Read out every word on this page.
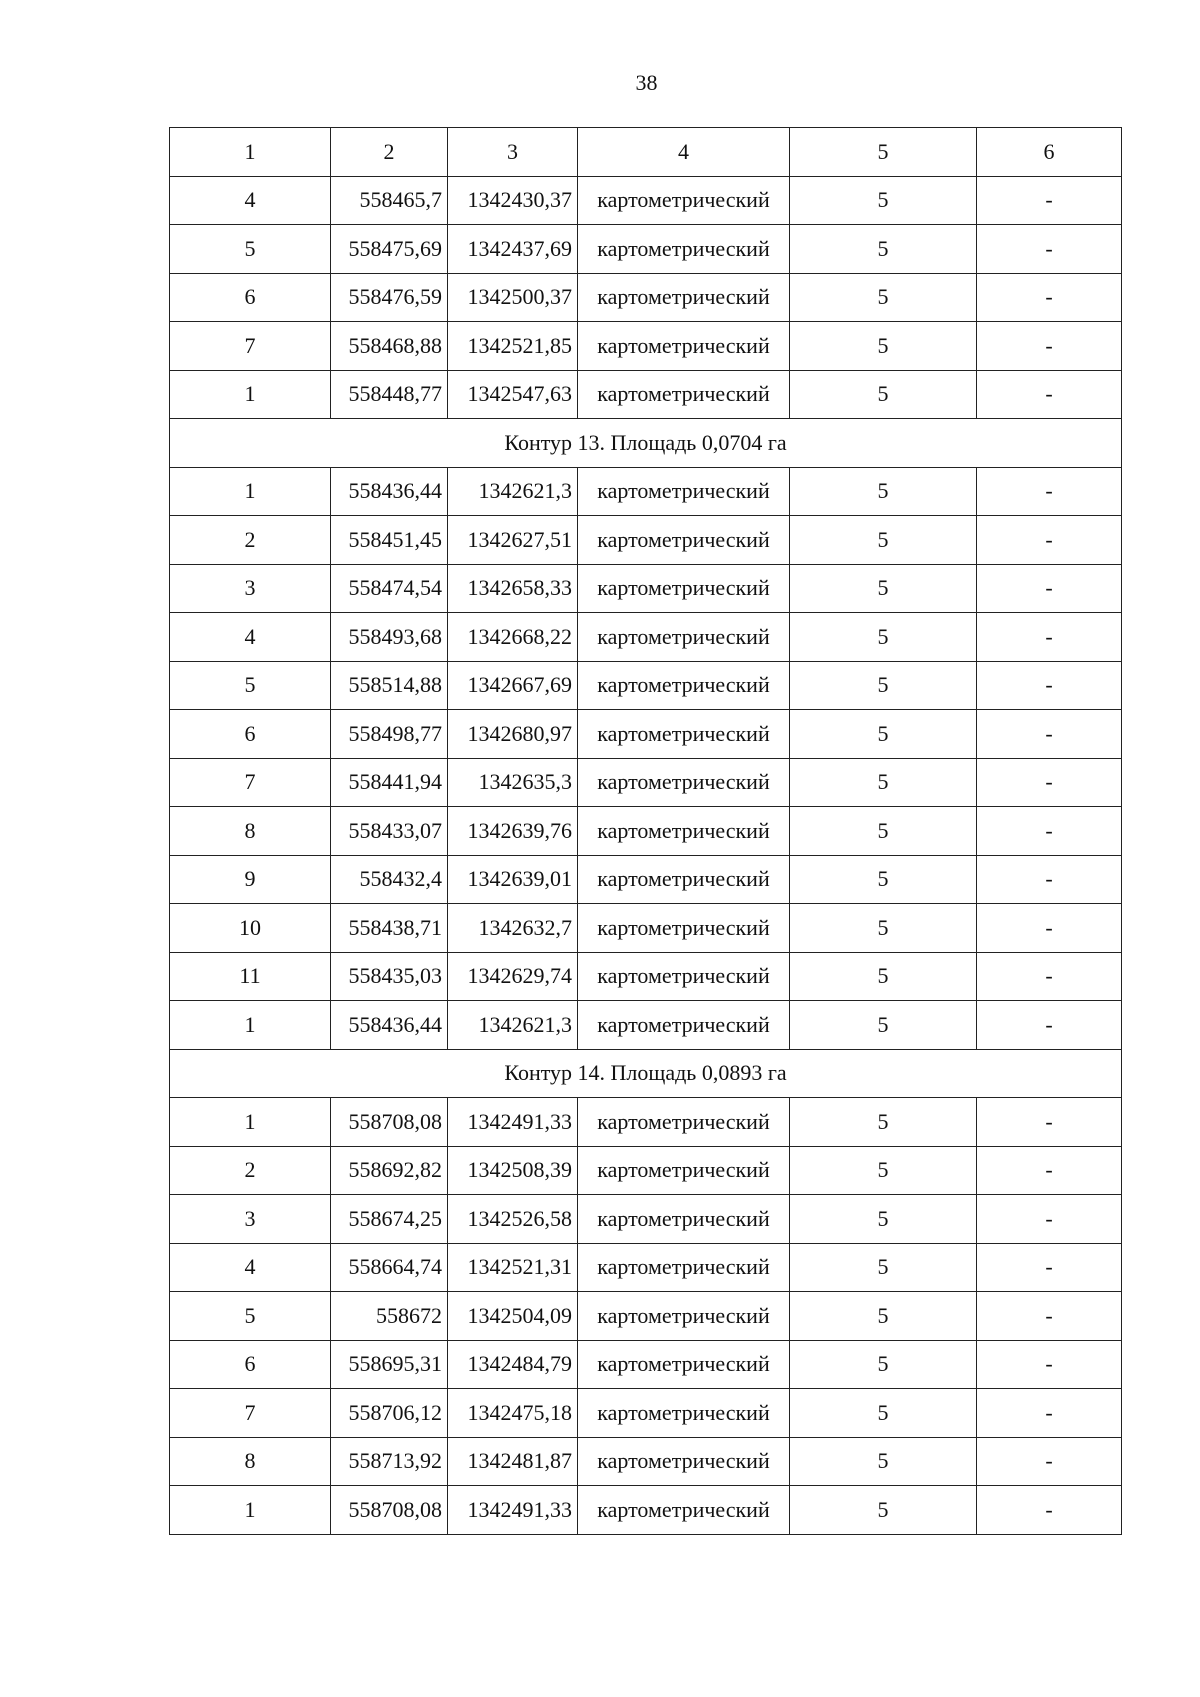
38
1	2	3	4	5	6
4	558465,7	1342430,37	картометрический	5	-
5	558475,69	1342437,69	картометрический	5	-
6	558476,59	1342500,37	картометрический	5	-
7	558468,88	1342521,85	картометрический	5	-
1	558448,77	1342547,63	картометрический	5	-
Контур 13. Площадь 0,0704 га					
1	558436,44	1342621,3	картометрический	5	-
2	558451,45	1342627,51	картометрический	5	-
3	558474,54	1342658,33	картометрический	5	-
4	558493,68	1342668,22	картометрический	5	-
5	558514,88	1342667,69	картометрический	5	-
6	558498,77	1342680,97	картометрический	5	-
7	558441,94	1342635,3	картометрический	5	-
8	558433,07	1342639,76	картометрический	5	-
9	558432,4	1342639,01	картометрический	5	-
10	558438,71	1342632,7	картометрический	5	-
11	558435,03	1342629,74	картометрический	5	-
1	558436,44	1342621,3	картометрический	5	-
Контур 14. Площадь 0,0893 га					
1	558708,08	1342491,33	картометрический	5	-
2	558692,82	1342508,39	картометрический	5	-
3	558674,25	1342526,58	картометрический	5	-
4	558664,74	1342521,31	картометрический	5	-
5	558672	1342504,09	картометрический	5	-
6	558695,31	1342484,79	картометрический	5	-
7	558706,12	1342475,18	картометрический	5	-
8	558713,92	1342481,87	картометрический	5	-
1	558708,08	1342491,33	картометрический	5	-
